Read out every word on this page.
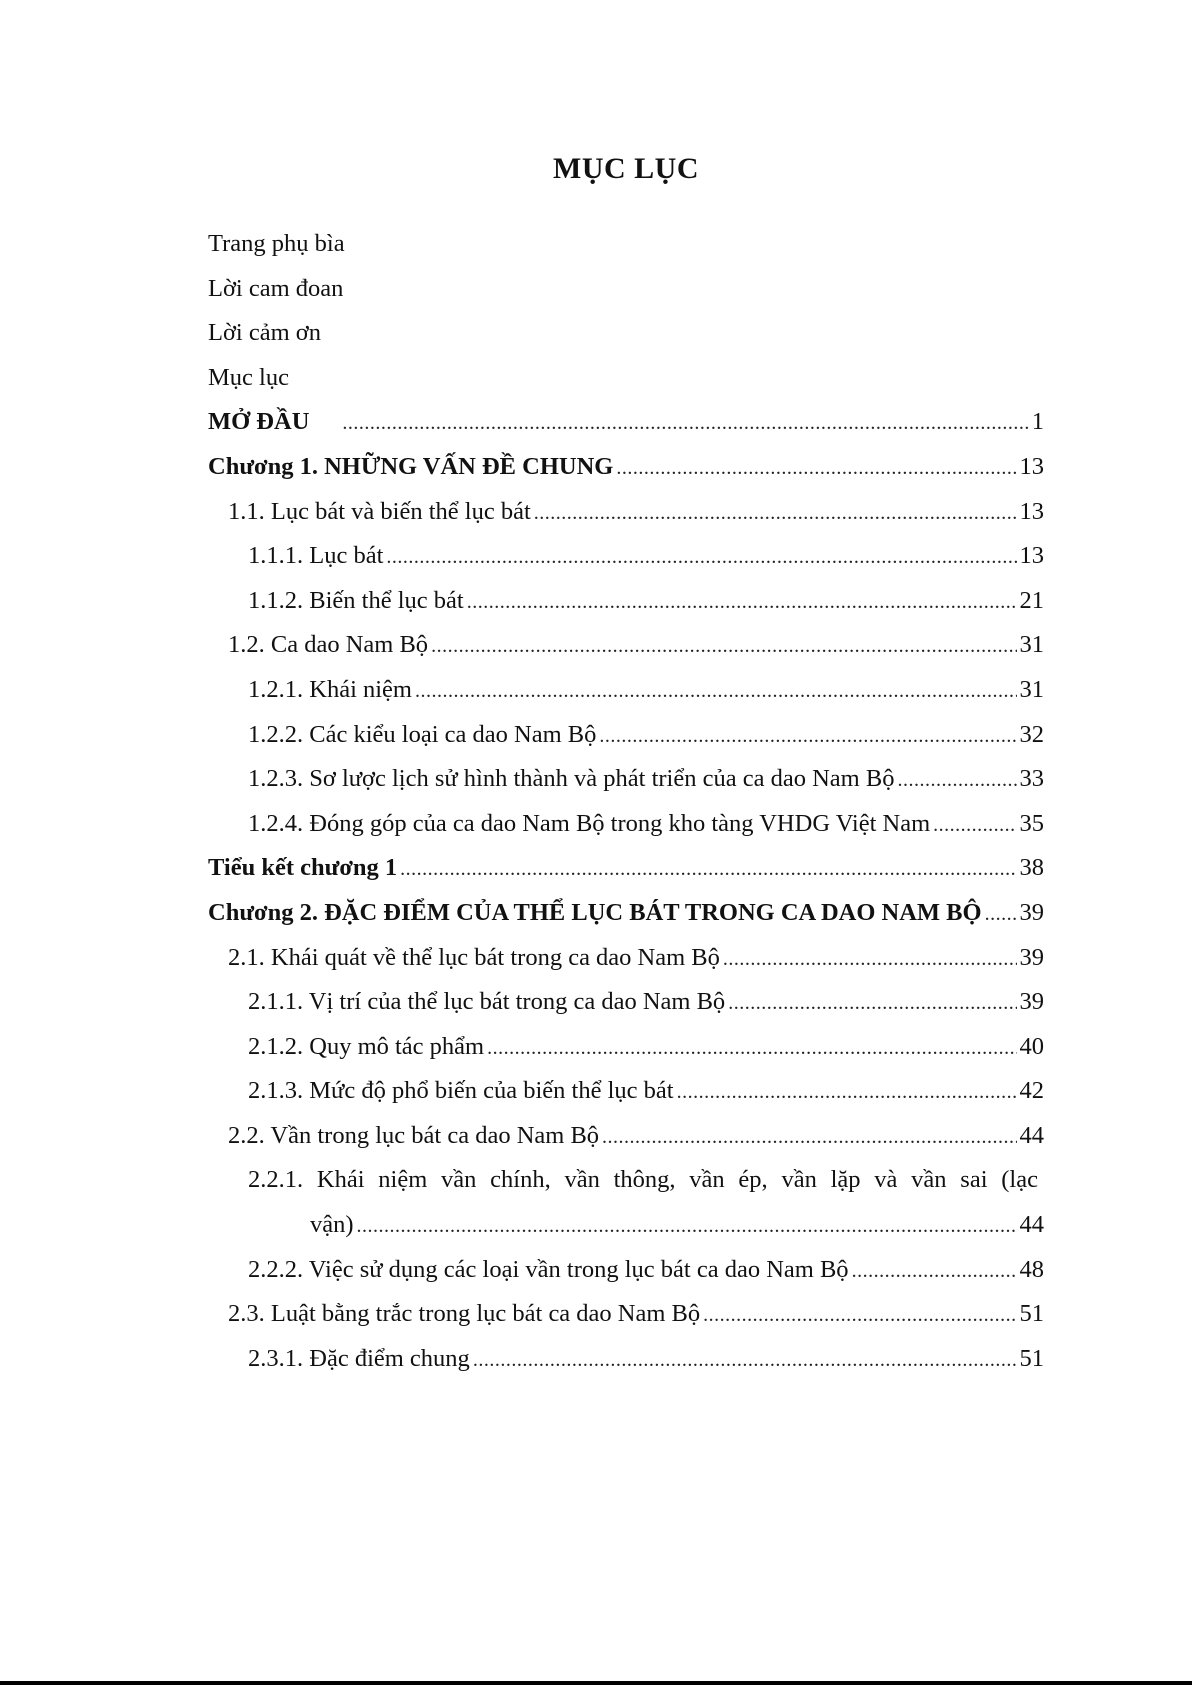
MỤC LỤC
Trang phụ bìa
Lời cam đoan
Lời cảm ơn
Mục lục
MỞ ĐẦU .....	1
Chương 1. NHỮNG VẤN ĐỀ CHUNG .....	13
1.1. Lục bát và biến thể lục bát .....	13
1.1.1. Lục bát .....	13
1.1.2. Biến thể lục bát .....	21
1.2. Ca dao Nam Bộ .....	31
1.2.1. Khái niệm .....	31
1.2.2. Các kiểu loại ca dao Nam Bộ .....	32
1.2.3. Sơ lược lịch sử hình thành và phát triển của ca dao Nam Bộ .....	33
1.2.4. Đóng góp của ca dao Nam Bộ trong kho tàng VHDG Việt Nam .....	35
Tiểu kết chương 1 .....	38
Chương 2. ĐẶC ĐIỂM CỦA THỂ LỤC BÁT TRONG CA DAO NAM BỘ ..... 39
2.1. Khái quát về thể lục bát trong ca dao Nam Bộ .....	39
2.1.1. Vị trí của thể lục bát trong ca dao Nam Bộ .....	39
2.1.2. Quy mô tác phẩm .....	40
2.1.3. Mức độ phổ biến của biến thể lục bát .....	42
2.2. Vần trong lục bát ca dao Nam Bộ .....	44
2.2.1. Khái niệm vần chính, vần thông, vần ép, vần lặp và vần sai (lạc
vận) .....	44
2.2.2. Việc sử dụng các loại vần trong lục bát ca dao Nam Bộ .....	48
2.3. Luật bằng trắc trong lục bát ca dao Nam Bộ .....	51
2.3.1. Đặc điểm chung .....	51
